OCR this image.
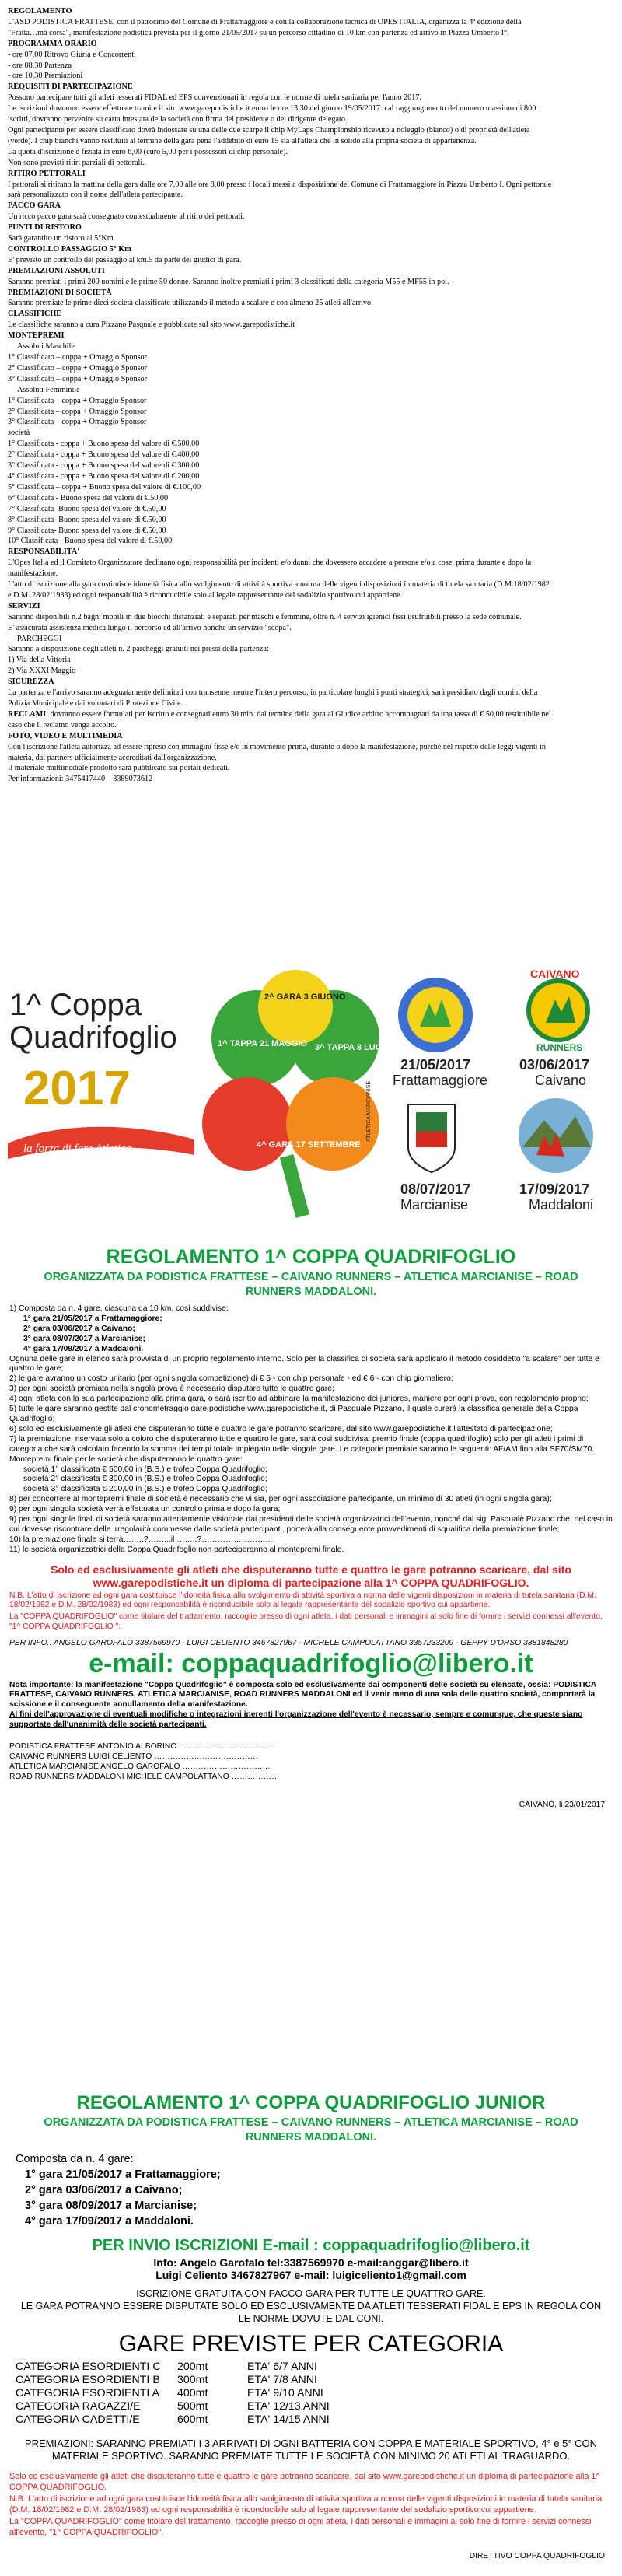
REGOLAMENTO
L'ASD PODISTICA FRATTESE, con il patrocinio del Comune di Frattamaggiore e con la collaborazione tecnica di OPES ITALIA, organizza la 4ª edizione della "Fratta…mà corsa", manifestazione podistica prevista per il giorno 21/05/2017 su un percorso cittadino di 10 km con partenza ed arrivo in Piazza Umberto I°.
PROGRAMMA ORARIO
- ore 07,00 Ritrovo Giuria e Concorrenti
- ore 08,30 Partenza
- ore 10,30 Premiazioni
REQUISITI DI PARTECIPAZIONE
Possono partecipare tutti gli atleti tesserati FIDAL ed EPS convenzionati in regola con le norme di tutela sanitaria per l'anno 2017.
Le iscrizioni dovranno essere effettuate tramite il sito www.garepodistiche.it entro le ore 13.30 del giorno 19/05/2017 o al raggiungimento del numero massimo di 800 iscritti, dovranno pervenire su carta intestata della società con firma del presidente o del dirigente delegato.
Ogni partecipante per essere classificato dovrà indossare su una delle due scarpe il chip MyLaps Championship ricevuto a noleggio (bianco) o di proprietà dell'atleta (verde). I chip bianchi vanno restituiti al termine della gara pena l'addebito di euro 15 sia all'atleta che in solido alla propria società di appartenenza.
La quota d'iscrizione è fissata in euro 6,00 (euro 5,00 per i possessori di chip personale).
Non sono previsti ritiri parziali di pettorali.
RITIRO PETTORALI
I pettorali si ritirano la mattina della gara dalle ore 7,00 alle ore 8,00 presso i locali messi a disposizione del Comune di Frattamaggiore in Piazza Umberto I. Ogni pettorale sarà personalizzato con il nome dell'atleta partecipante.
PACCO GARA
Un ricco pacco gara sarà consegnato contestualmente al ritiro dei pettorali.
PUNTI DI RISTORO
Sarà garantito un ristoro al 5°Km.
CONTROLLO PASSAGGIO 5° Km
E' previsto un controllo del passaggio al km.5 da parte dei giudici di gara.
PREMIAZIONI ASSOLUTI
Saranno premiati i primi 200 uomini e le prime 50 donne. Saranno inoltre premiati i primi 3 classificati della categoria M55 e MF55 in poi.
PREMIAZIONI DI SOCIETÀ
Saranno premiate le prime dieci società classificate utilizzando il metodo a scalare e con almeno 25 atleti all'arrivo.
CLASSIFICHE
Le classifiche saranno a cura Pizzano Pasquale e pubblicate sul sito www.garepodistiche.it
MONTEPREMI
Assoluti Maschile
1° Classificato – coppa + Omaggio Sponsor
2° Classificato – coppa + Omaggio Sponsor
3° Classificato – coppa + Omaggio Sponsor
Assoluti Femminile
1° Classificata – coppa + Omaggio Sponsor
2° Classificata – coppa + Omaggio Sponsor
3° Classificata – coppa + Omaggio Sponsor
società
1° Classificata - coppa + Buono spesa del valore di €.500,00
2° Classificata - coppa + Buono spesa del valore di €.400,00
3° Classificata - coppa + Buono spesa del valore di €.300,00
4° Classificata - coppa + Buono spesa del valore di €.200,00
5° Classificata – coppa + Buono spesa del valore di €.100,00
6° Classificata - Buono spesa del valore di €.50,00
7° Classificata- Buono spesa del valore di €.50,00
8° Classificata- Buono spesa del valore di €.50,00
9° Classificata- Buono spesa del valore di €.50,00
10° Classificata - Buono spesa del valore di €.50,00
RESPONSABILITA'
L'Opes Italia ed il Comitato Organizzatore declinano ogni responsabilità per incidenti e/o danni che dovessero accadere a persone e/o a cose, prima durante e dopo la manifestazione.
L'atto di iscrizione alla gara costituisce idoneità fisica allo svolgimento di attività sportiva a norma delle vigenti disposizioni in materia di tutela sanitaria (D.M.18/02/1982 e D.M. 28/02/1983) ed ogni responsabilità è riconducibile solo al legale rappresentante del sodalizio sportivo cui appartiene.
SERVIZI
Saranno disponibili n.2 bagni mobili in due blocchi distanziati e separati per maschi e femmine, oltre n. 4 servizi igienici fissi usufruibili presso la sede comunale.
E' assicurata assistenza medica lungo il percorso ed all'arrivo nonché un servizio "scopa".
PARCHEGGI
Saranno a disposizione degli atleti n. 2 parcheggi gratuiti nei pressi della partenza:
1) Via della Vittoria
2) Via XXXI Maggio
SICUREZZA
La partenza e l'arrivo saranno adeguatamente delimitati con transenne mentre l'intero percorso, in particolare lunghi i punti strategici, sarà presidiato dagli uomini della Polizia Municipale e dai volontari di Protezione Civile.
RECLAMI: dovranno essere formulati per iscritto e consegnati entro 30 min. dal termine della gara al Giudice arbitro accompagnati da una tassa di € 50,00 restituibile nel caso che il reclamo venga accolto.
FOTO, VIDEO E MULTIMEDIA
Con l'iscrizione l'atleta autorizza ad essere ripreso con immagini fisse e/o in movimento prima, durante o dopo la manifestazione, purché nel rispetto delle leggi vigenti in materia, dai partners ufficialmente accreditati dall'organizzazione.
Il materiale multimediale prodotto sarà pubblicato sui portali dedicati.
Per informazioni: 3475417440 – 3389073612
1^ Coppa
Quadrifoglio
2017
la forza di fare Atletica
2^ GARA 3 GIUGNO
1^ TAPPA 21 MAGGIO 3^ TAPPA 8 LUGLIO
4^ GARA 17 SETTEMBRE
21/05/2017
Frattamaggiore
CAIVANO
RUNNERS
03/06/2017
Caivano
ATLETICA MARCIANISE
08/07/2017
Marcianise
17/09/2017
Maddaloni

REGOLAMENTO 1^ COPPA QUADRIFOGLIO

ORGANIZZATA DA PODISTICA FRATTESE – CAIVANO RUNNERS – ATLETICA MARCIANISE – ROAD RUNNERS MADDALONI.

1) Composta da n. 4 gare, ciascuna da 10 km, così suddivise:
1° gara 21/05/2017 a Frattamaggiore;
2° gara 03/06/2017 a Caivano;
3° gara 08/07/2017 a Marcianise;
4° gara 17/09/2017 a Maddaloni.
Ognuna delle gare in elenco sarà provvista di un proprio regolamento interno. Solo per la classifica di società sarà applicato il metodo cosiddetto "a scalare" per tutte e quattro le gare;
2) le gare avranno un costo unitario (per ogni singola competizione) di € 5 - con chip personale - ed € 6 - con chip giornaliero;
3) per ogni società premiata nella singola prova è necessario disputare tutte le quattro gare;
4) ogni atleta con la sua partecipazione alla prima gara, o sarà iscritto ad abbinare la manifestazione dei juniores, maniere per ogni prova, con regolamento proprio;
5) tutte le gare saranno gestite dal cronometraggio gare podistiche www.garepodistiche.it, di Pasquale Pizzano, il quale curerà la classifica generale della Coppa Quadrifoglio;
6) solo ed esclusivamente gli atleti che disputeranno tutte e quattro le gare potranno scaricare, dal sito www.garepodistiche.it l'attestato di partecipazione;
7) la premiazione, riservata solo a coloro che disputeranno tutte e quattro le gare, sarà così suddivisa: premio finale (coppa quadrifoglio) solo per gli atleti i primi di categoria che sarà calcolato facendo la somma dei tempi totale impiegato nelle singole gare. Le categorie premiate saranno le seguenti: AF/AM fino alla SF70/SM70.
Montepremi finale per le società che disputeranno le quattro gare:
società 1° classificata € 500,00 in (B.S.) e trofeo Coppa Quadrifoglio;
società 2° classificata € 300,00 in (B.S.) e trofeo Coppa Quadrifoglio;
società 3° classificata € 200,00 in (B.S.) e trofeo Coppa Quadrifoglio;
8) per concorrere al montepremi finale di società è necessario che vi sia, per ogni associazione partecipante, un minimo di 30 atleti (in ogni singola gara);
9) per ogni singola società verrà effettuata un controllo prima e dopo la gara;
9) per ogni singole finali di società saranno attentamente visionate dai presidenti delle società organizzatrici dell'evento, nonché dal sig. Pasqualè Pizzano che, nel caso in cui dovesse riscontrare delle irregolarità commesse dalle società partecipanti, porterà alla conseguente provvedimenti di squalifica della premiazione finale;
10) la premiazione finale si terrà……..?……...il ……..?……………………...
11) le società organizzatrici della Coppa Quadrifoglio non parteciperanno al montepremi finale.

Solo ed esclusivamente gli atleti che disputeranno tutte e quattro le gare potranno scaricare, dal sito www.garepodistiche.it un diploma di partecipazione alla 1^ COPPA QUADRIFOGLIO.

N.B. L'atto di iscrizione ad ogni gara costituisce l'idoneità fisica allo svolgimento di attività sportiva a norma delle vigenti disposizioni in materia di tutela sanitaria (D.M. 18/02/1982 e D.M. 28/02/1983) ed ogni responsabilità è riconducibile solo al legale rappresentante del sodalizio sportivo cui appartiene.

La "COPPA QUADRIFOGLIO" come titolare del trattamento, raccoglie presso di ogni atleta, i dati personali e immagini al solo fine di fornire i servizi connessi all'evento, "1^ COPPA QUADRIFOGLIO ".

PER INFO.: ANGELO GAROFALO 3387569970 - LUIGI CELIENTO 3467827967 - MICHELE CAMPOLATTANO 3357233209 - GEPPY D'ORSO 3381848280

e-mail: coppaquadrifoglio@libero.it

Nota importante: la manifestazione "Coppa Quadrifoglio" è composta solo ed esclusivamente dai componenti delle società su elencate, ossia: PODISTICA FRATTESE, CAIVANO RUNNERS, ATLETICA MARCIANISE, ROAD RUNNERS MADDALONI ed il venir meno di una sola delle quattro società, comporterà la scissione e il conseguente annullamento della manifestazione.

Al fini dell'approvazione di eventuali modifiche o integrazioni inerenti l'organizzazione dell'evento è necessario, sempre e comunque, che queste siano supportate dall'unanimità delle società partecipanti.

PODISTICA FRATTESE ANTONIO ALBORINO ………………………………
CAIVANO RUNNERS LUIGI CELIENTO …………………………………
ATLETICA MARCIANISE ANGELO GAROFALO ……………………………
ROAD RUNNERS MADDALONI MICHELE CAMPOLATTANO ………………
CAIVANO, li 23/01/2017

REGOLAMENTO 1^ COPPA QUADRIFOGLIO JUNIOR

ORGANIZZATA DA PODISTICA FRATTESE – CAIVANO RUNNERS – ATLETICA MARCIANISE – ROAD RUNNERS MADDALONI.

Composta da n. 4 gare:
1° gara 21/05/2017 a Frattamaggiore;
2° gara 03/06/2017 a Caivano;
3° gara 08/09/2017 a Marcianise;
4° gara 17/09/2017 a Maddaloni.

PER INVIO ISCRIZIONI E-mail : coppaquadrifoglio@libero.it

Info: Angelo Garofalo tel:3387569970 e-mail:anggar@libero.it

Luigi Celiento 3467827967 e-mail: luigiceliento1@gmail.com

ISCRIZIONE GRATUITA CON PACCO GARA PER TUTTE LE QUATTRO GARE.

LE GARA POTRANNO ESSERE DISPUTATE SOLO ED ESCLUSIVAMENTE DA ATLETI TESSERATI FIDAL E EPS IN REGOLA CON LE NORME DOVUTE DAL CONI.

GARE PREVISTE PER CATEGORIA

CATEGORIA ESORDIENTI C	200mt	ETA' 6/7 ANNI
CATEGORIA ESORDIENTI B	300mt	ETA' 7/8 ANNI
CATEGORIA ESORDIENTI A	400mt	ETA' 9/10 ANNI
CATEGORIA RAGAZZI/E	500mt	ETA' 12/13 ANNI
CATEGORIA CADETTI/E	600mt	ETA' 14/15 ANNI

PREMIAZIONI: SARANNO PREMIATI I 3 ARRIVATI DI OGNI BATTERIA CON COPPA E MATERIALE SPORTIVO, 4° e 5° CON MATERIALE SPORTIVO. SARANNO PREMIATE TUTTE LE SOCIETÀ CON MINIMO 20 ATLETI AL TRAGUARDO.

Solo ed esclusivamente gli atleti che disputeranno tutte e quattro le gare potranno scaricare, dal sito www.garepodistiche.it un diploma di partecipazione alla 1^ COPPA QUADRIFOGLIO.

N.B. L'atto di iscrizione ad ogni gara costituisce l'idoneità fisica allo svolgimento di attività sportiva a norma delle vigenti disposizioni in materia di tutela sanitaria (D.M. 18/02/1982 e D.M. 28/02/1983) ed ogni responsabilità è riconducibile solo al legale rappresentante del sodalizio sportivo cui appartiene.

La "COPPA QUADRIFOGLIO" come titolare del trattamento, raccoglie presso di ogni atleta, i dati personali e immagini al solo fine di fornire i servizi connessi all'evento, "1^ COPPA QUADRIFOGLIO".

DIRETTIVO COPPA QUADRIFOGLIO
